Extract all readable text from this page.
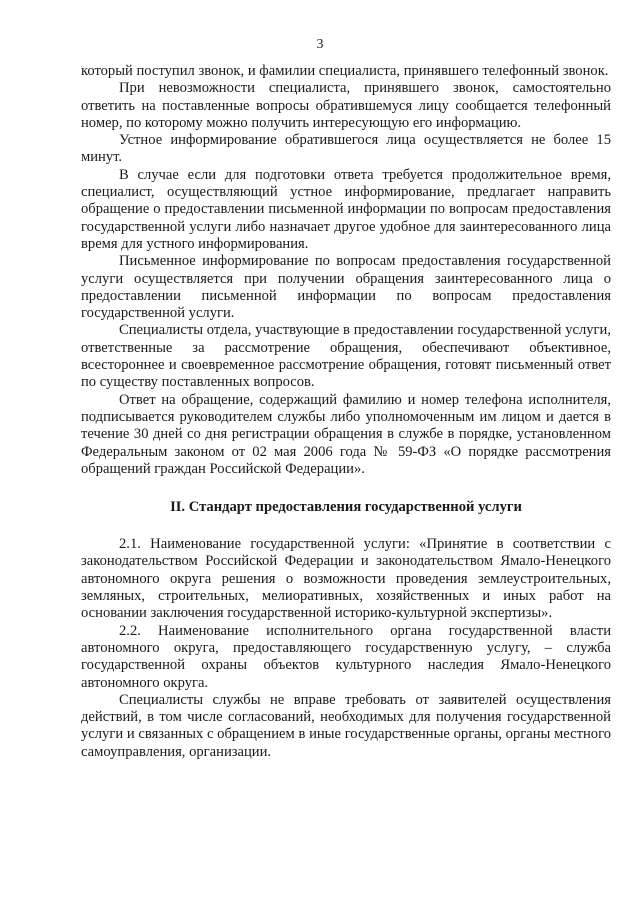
3

который поступил звонок, и фамилии специалиста, принявшего телефонный звонок.

При невозможности специалиста, принявшего звонок, самостоятельно ответить на поставленные вопросы обратившемуся лицу сообщается телефонный номер, по которому можно получить интересующую его информацию.

Устное информирование обратившегося лица осуществляется не более 15 минут.

В случае если для подготовки ответа требуется продолжительное время, специалист, осуществляющий устное информирование, предлагает направить обращение о предоставлении письменной информации по вопросам предоставления государственной услуги либо назначает другое удобное для заинтересованного лица время для устного информирования.

Письменное информирование по вопросам предоставления государственной услуги осуществляется при получении обращения заинтересованного лица о предоставлении письменной информации по вопросам предоставления государственной услуги.

Специалисты отдела, участвующие в предоставлении государственной услуги, ответственные за рассмотрение обращения, обеспечивают объективное, всестороннее и своевременное рассмотрение обращения, готовят письменный ответ по существу поставленных вопросов.

Ответ на обращение, содержащий фамилию и номер телефона исполнителя, подписывается руководителем службы либо уполномоченным им лицом и дается в течение 30 дней со дня регистрации обращения в службе в порядке, установленном Федеральным законом от 02 мая 2006 года № 59-ФЗ «О порядке рассмотрения обращений граждан Российской Федерации».

II. Стандарт предоставления государственной услуги

2.1. Наименование государственной услуги: «Принятие в соответствии с законодательством Российской Федерации и законодательством Ямало-Ненецкого автономного округа решения о возможности проведения землеустроительных, земляных, строительных, мелиоративных, хозяйственных и иных работ на основании заключения государственной историко-культурной экспертизы».

2.2. Наименование исполнительного органа государственной власти автономного округа, предоставляющего государственную услугу, – служба государственной охраны объектов культурного наследия Ямало-Ненецкого автономного округа.

Специалисты службы не вправе требовать от заявителей осуществления действий, в том числе согласований, необходимых для получения государственной услуги и связанных с обращением в иные государственные органы, органы местного самоуправления, организации.
